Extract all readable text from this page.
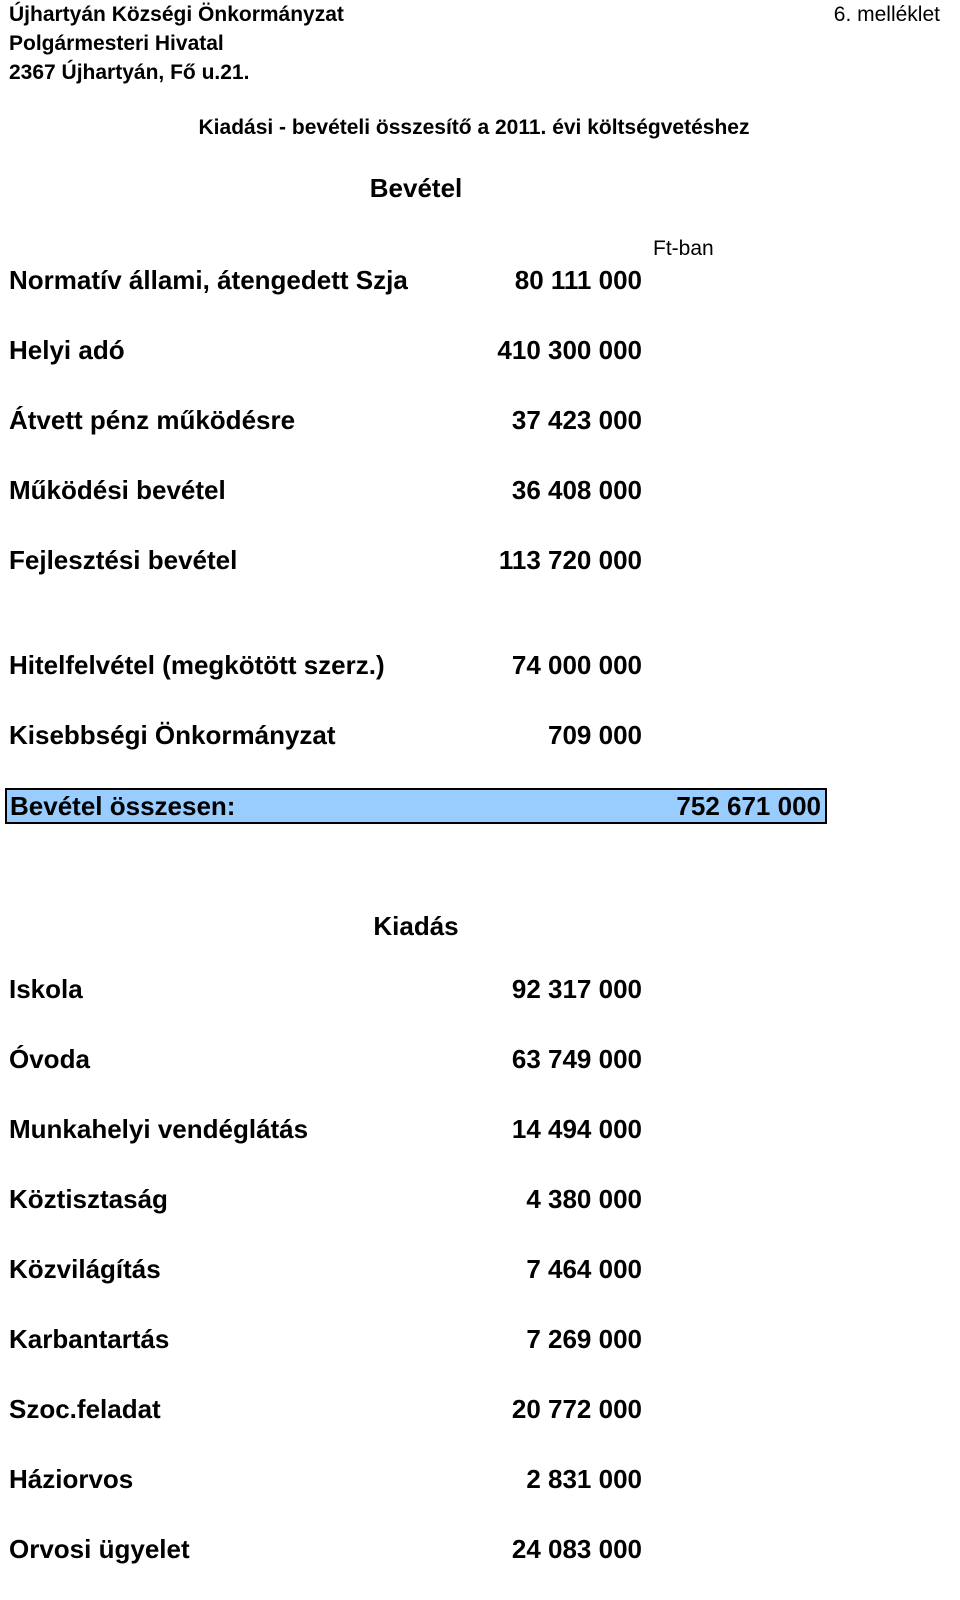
Újhartyán Községi Önkormányzat
Polgármesteri Hivatal
2367 Újhartyán, Fő u.21.
6. melléklet
Kiadási - bevételi összesítő a 2011. évi költségvetéshez
Bevétel
Ft-ban
Normatív állami, átengedett Szja	80 111 000
Helyi adó	410 300 000
Átvett pénz működésre	37 423 000
Működési bevétel	36 408 000
Fejlesztési bevétel	113 720 000
Hitelfelvétel (megkötött szerz.)	74 000 000
Kisebbségi Önkormányzat	709 000
Bevétel összesen:	752 671 000
Kiadás
Iskola	92 317 000
Óvoda	63 749 000
Munkahelyi vendéglátás	14 494 000
Köztisztaság	4 380 000
Közvilágítás	7 464 000
Karbantartás	7 269 000
Szoc.feladat	20 772 000
Háziorvos	2 831 000
Orvosi ügyelet	24 083 000
